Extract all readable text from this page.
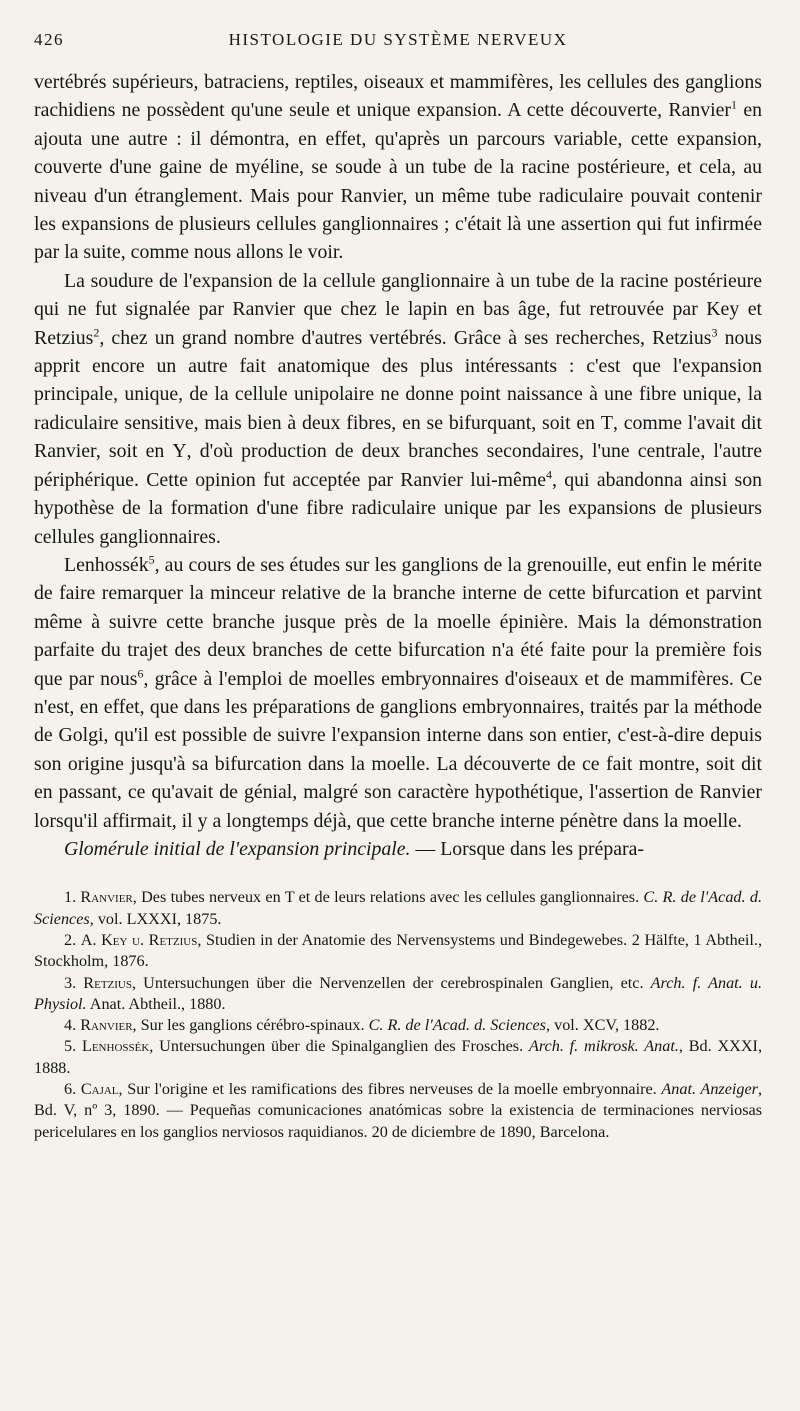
426	HISTOLOGIE DU SYSTÈME NERVEUX

vertébrés supérieurs, batraciens, reptiles, oiseaux et mammifères, les cellules des ganglions rachidiens ne possèdent qu'une seule et unique expansion. A cette découverte, Ranvier$^1$ en ajouta une autre : il démontra, en effet, qu'après un parcours variable, cette expansion, couverte d'une gaine de myéline, se soude à un tube de la racine postérieure, et cela, au niveau d'un étranglement. Mais pour Ranvier, un même tube radiculaire pouvait contenir les expansions de plusieurs cellules ganglionnaires ; c'était là une assertion qui fut infirmée par la suite, comme nous allons le voir.

La soudure de l'expansion de la cellule ganglionnaire à un tube de la racine postérieure qui ne fut signalée par Ranvier que chez le lapin en bas âge, fut retrouvée par Key et Retzius$^2$, chez un grand nombre d'autres vertébrés. Grâce à ses recherches, Retzius$^3$ nous apprit encore un autre fait anatomique des plus intéressants : c'est que l'expansion principale, unique, de la cellule unipolaire ne donne point naissance à une fibre unique, la radiculaire sensitive, mais bien à deux fibres, en se bifurquant, soit en T, comme l'avait dit Ranvier, soit en Y, d'où production de deux branches secondaires, l'une centrale, l'autre périphérique. Cette opinion fut acceptée par Ranvier lui-même$^4$, qui abandonna ainsi son hypothèse de la formation d'une fibre radiculaire unique par les expansions de plusieurs cellules ganglionnaires.

Lenhossék$^5$, au cours de ses études sur les ganglions de la grenouille, eut enfin le mérite de faire remarquer la minceur relative de la branche interne de cette bifurcation et parvint même à suivre cette branche jusque près de la moelle épinière. Mais la démonstration parfaite du trajet des deux branches de cette bifurcation n'a été faite pour la première fois que par nous$^6$, grâce à l'emploi de moelles embryonnaires d'oiseaux et de mammifères. Ce n'est, en effet, que dans les préparations de ganglions embryonnaires, traités par la méthode de Golgi, qu'il est possible de suivre l'expansion interne dans son entier, c'est-à-dire depuis son origine jusqu'à sa bifurcation dans la moelle. La découverte de ce fait montre, soit dit en passant, ce qu'avait de génial, malgré son caractère hypothétique, l'assertion de Ranvier lorsqu'il affirmait, il y a longtemps déjà, que cette branche interne pénètre dans la moelle.

Glomérule initial de l'expansion principale. — Lorsque dans les prépara-

1. Ranvier, Des tubes nerveux en T et de leurs relations avec les cellules ganglionnaires. C. R. de l'Acad. d. Sciences, vol. LXXXI, 1875.

2. A. Key u. Retzius, Studien in der Anatomie des Nervensystems und Bindegewebes. 2 Hälfte, 1 Abtheil., Stockholm, 1876.

3. Retzius, Untersuchungen über die Nervenzellen der cerebrospinalen Ganglien, etc. Arch. f. Anat. u. Physiol. Anat. Abtheil., 1880.

4. Ranvier, Sur les ganglions cérébro-spinaux. C. R. de l'Acad. d. Sciences, vol. XCV, 1882.

5. Lenhossék, Untersuchungen über die Spinalganglien des Frosches. Arch. f. mikrosk. Anat., Bd. XXXI, 1888.

6. Cajal, Sur l'origine et les ramifications des fibres nerveuses de la moelle embryonnaire. Anat. Anzeiger, Bd. V, nº 3, 1890. — Pequeñas comunicaciones anatómicas sobre la existencia de terminaciones nerviosas pericelulares en los ganglios nerviosos raquidianos. 20 de diciembre de 1890, Barcelona.
